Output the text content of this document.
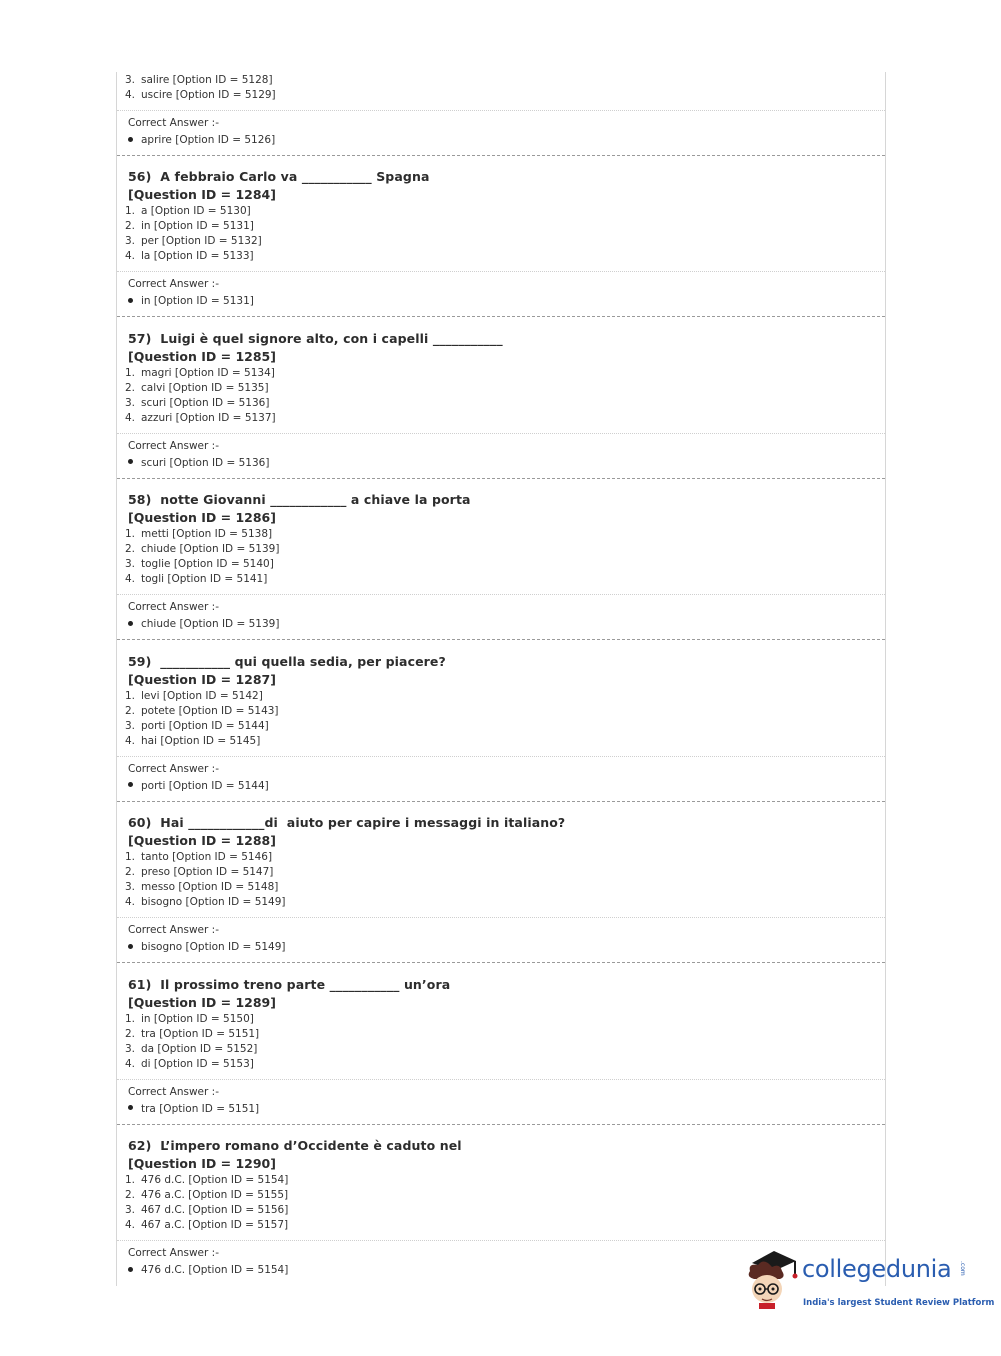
3. salire [Option ID = 5128]
4. uscire [Option ID = 5129]
Correct Answer :-
aprire [Option ID = 5126]
56)  A febbraio Carlo va ___________ Spagna
[Question ID = 1284]
1. a [Option ID = 5130]
2. in [Option ID = 5131]
3. per [Option ID = 5132]
4. la [Option ID = 5133]
Correct Answer :-
in [Option ID = 5131]
57)  Luigi è quel signore alto, con i capelli ___________
[Question ID = 1285]
1. magri [Option ID = 5134]
2. calvi [Option ID = 5135]
3. scuri [Option ID = 5136]
4. azzuri [Option ID = 5137]
Correct Answer :-
scuri [Option ID = 5136]
58)  notte Giovanni ____________ a chiave la porta
[Question ID = 1286]
1. metti [Option ID = 5138]
2. chiude [Option ID = 5139]
3. toglie [Option ID = 5140]
4. togli [Option ID = 5141]
Correct Answer :-
chiude [Option ID = 5139]
59)  ___________ qui quella sedia, per piacere?
[Question ID = 1287]
1. levi [Option ID = 5142]
2. potete [Option ID = 5143]
3. porti [Option ID = 5144]
4. hai [Option ID = 5145]
Correct Answer :-
porti [Option ID = 5144]
60)  Hai ____________di  aiuto per capire i messaggi in italiano?
[Question ID = 1288]
1. tanto [Option ID = 5146]
2. preso [Option ID = 5147]
3. messo [Option ID = 5148]
4. bisogno [Option ID = 5149]
Correct Answer :-
bisogno [Option ID = 5149]
61)  Il prossimo treno parte ___________ un’ora
[Question ID = 1289]
1. in [Option ID = 5150]
2. tra [Option ID = 5151]
3. da [Option ID = 5152]
4. di [Option ID = 5153]
Correct Answer :-
tra [Option ID = 5151]
62)  L’impero romano d’Occidente è caduto nel
[Question ID = 1290]
1. 476 d.C. [Option ID = 5154]
2. 476 a.C. [Option ID = 5155]
3. 467 d.C. [Option ID = 5156]
4. 467 a.C. [Option ID = 5157]
Correct Answer :-
476 d.C. [Option ID = 5154]	collegedunia .com
India's largest Student Review Platform
